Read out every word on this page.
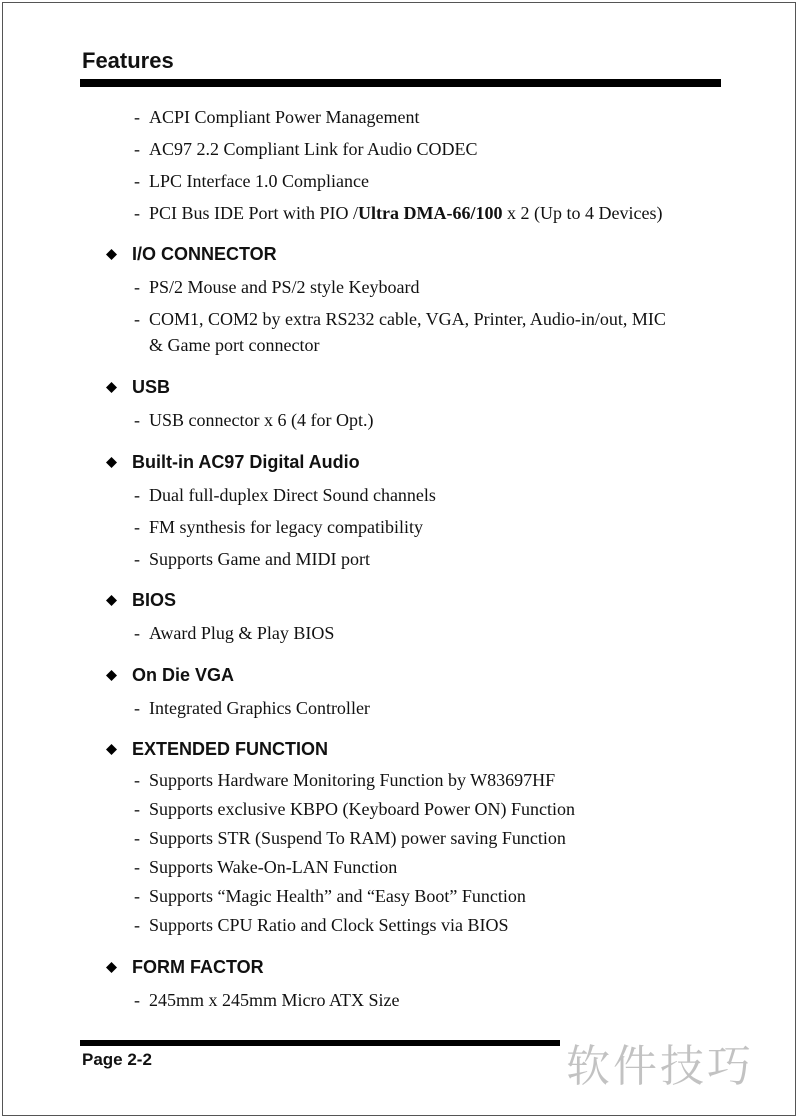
Features
- ACPI Compliant Power Management
- AC97 2.2 Compliant Link for Audio CODEC
- LPC Interface 1.0 Compliance
- PCI Bus IDE Port with PIO /Ultra DMA-66/100 x 2 (Up to 4 Devices)
I/O CONNECTOR
- PS/2 Mouse and PS/2 style Keyboard
- COM1, COM2 by extra RS232 cable, VGA, Printer, Audio-in/out, MIC
& Game port connector
USB
- USB connector x 6 (4 for Opt.)
Built-in AC97 Digital Audio
- Dual full-duplex Direct Sound channels
- FM synthesis for legacy compatibility
- Supports Game and MIDI port
BIOS
- Award Plug & Play BIOS
On Die VGA
- Integrated Graphics Controller
EXTENDED FUNCTION
- Supports Hardware Monitoring Function by W83697HF
- Supports exclusive KBPO (Keyboard Power ON) Function
- Supports STR (Suspend To RAM) power saving Function
- Supports Wake-On-LAN Function
- Supports “Magic Health” and “Easy Boot” Function
- Supports CPU Ratio and Clock Settings via BIOS
FORM FACTOR
- 245mm x 245mm Micro ATX Size
Page 2-2	软件技巧
